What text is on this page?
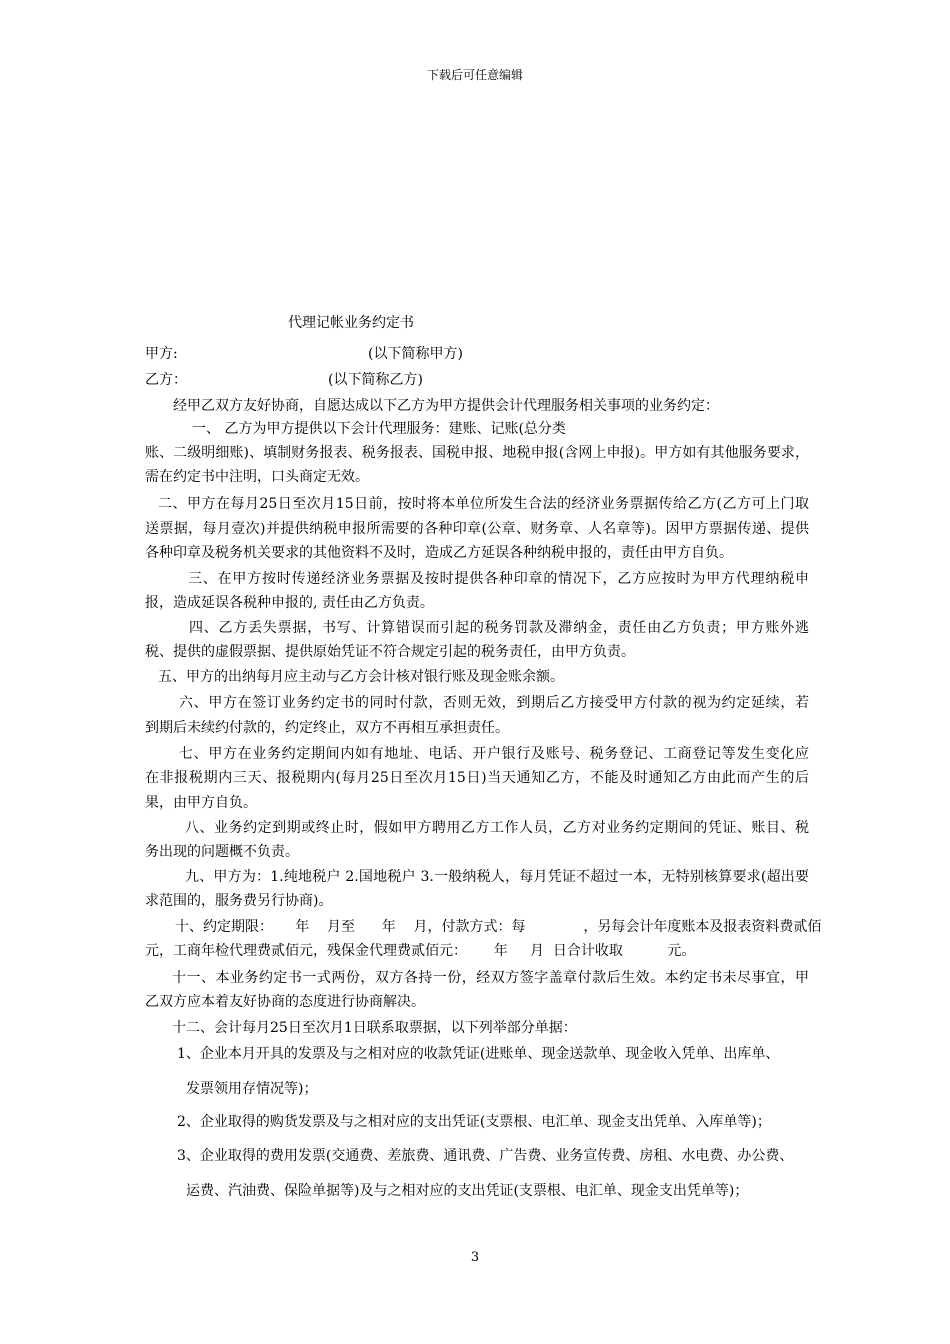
下载后可任意编辑
代理记帐业务约定书
甲方:	(以下简称甲方)
乙方：	(以下简称乙方)
经甲乙双方友好协商，自愿达成以下乙方为甲方提供会计代理服务相关事项的业务约定：
一、 乙方为甲方提供以下会计代理服务：建账、记账(总分类
账、二级明细账)、填制财务报表、税务报表、国税申报、地税申报(含网上申报)。甲方如有其他服务要求，
需在约定书中注明，口头商定无效。
二、甲方在每月25日至次月15日前，按时将本单位所发生合法的经济业务票据传给乙方(乙方可上门取
送票据，每月壹次)并提供纳税申报所需要的各种印章(公章、财务章、人名章等)。因甲方票据传递、提供
各种印章及税务机关要求的其他资料不及时，造成乙方延误各种纳税申报的，责任由甲方自负。
三、在甲方按时传递经济业务票据及按时提供各种印章的情况下，乙方应按时为甲方代理纳税申
报，造成延误各税种申报的, 责任由乙方负责。
四、乙方丢失票据，书写、计算错误而引起的税务罚款及滞纳金，责任由乙方负责；甲方账外逃
税、提供的虚假票据、提供原始凭证不符合规定引起的税务责任，由甲方负责。
五、甲方的出纳每月应主动与乙方会计核对银行账及现金账余额。
六、甲方在签订业务约定书的同时付款，否则无效，到期后乙方接受甲方付款的视为约定延续，若
到期后未续约付款的，约定终止，双方不再相互承担责任。
七、甲方在业务约定期间内如有地址、电话、开户银行及账号、税务登记、工商登记等发生变化应
在非报税期内三天、报税期内(每月25日至次月15日)当天通知乙方，不能及时通知乙方由此而产生的后
果，由甲方自负。
八、业务约定到期或终止时，假如甲方聘用乙方工作人员，乙方对业务约定期间的凭证、账目、税
务出现的问题概不负责。
九、甲方为：1.纯地税户 2.国地税户 3.一般纳税人，每月凭证不超过一本，无特别核算要求(超出要
求范围的，服务费另行协商)。
十、约定期限：     年    月至      年    月，付款方式：每             ，另每会计年度账本及报表资料费贰佰
元，工商年检代理费贰佰元，残保金代理费贰佰元：      年     月  日合计收取          元。
十一、本业务约定书一式两份，双方各持一份，经双方签字盖章付款后生效。本约定书未尽事宜，甲
乙双方应本着友好协商的态度进行协商解决。
十二、会计每月25日至次月1日联系取票据，以下列举部分单据：
1、企业本月开具的发票及与之相对应的收款凭证(进账单、现金送款单、现金收入凭单、出库单、
发票领用存情况等)；
2、企业取得的购货发票及与之相对应的支出凭证(支票根、电汇单、现金支出凭单、入库单等)；
3、企业取得的费用发票(交通费、差旅费、通讯费、广告费、业务宣传费、房租、水电费、办公费、
运费、汽油费、保险单据等)及与之相对应的支出凭证(支票根、电汇单、现金支出凭单等)；
3
